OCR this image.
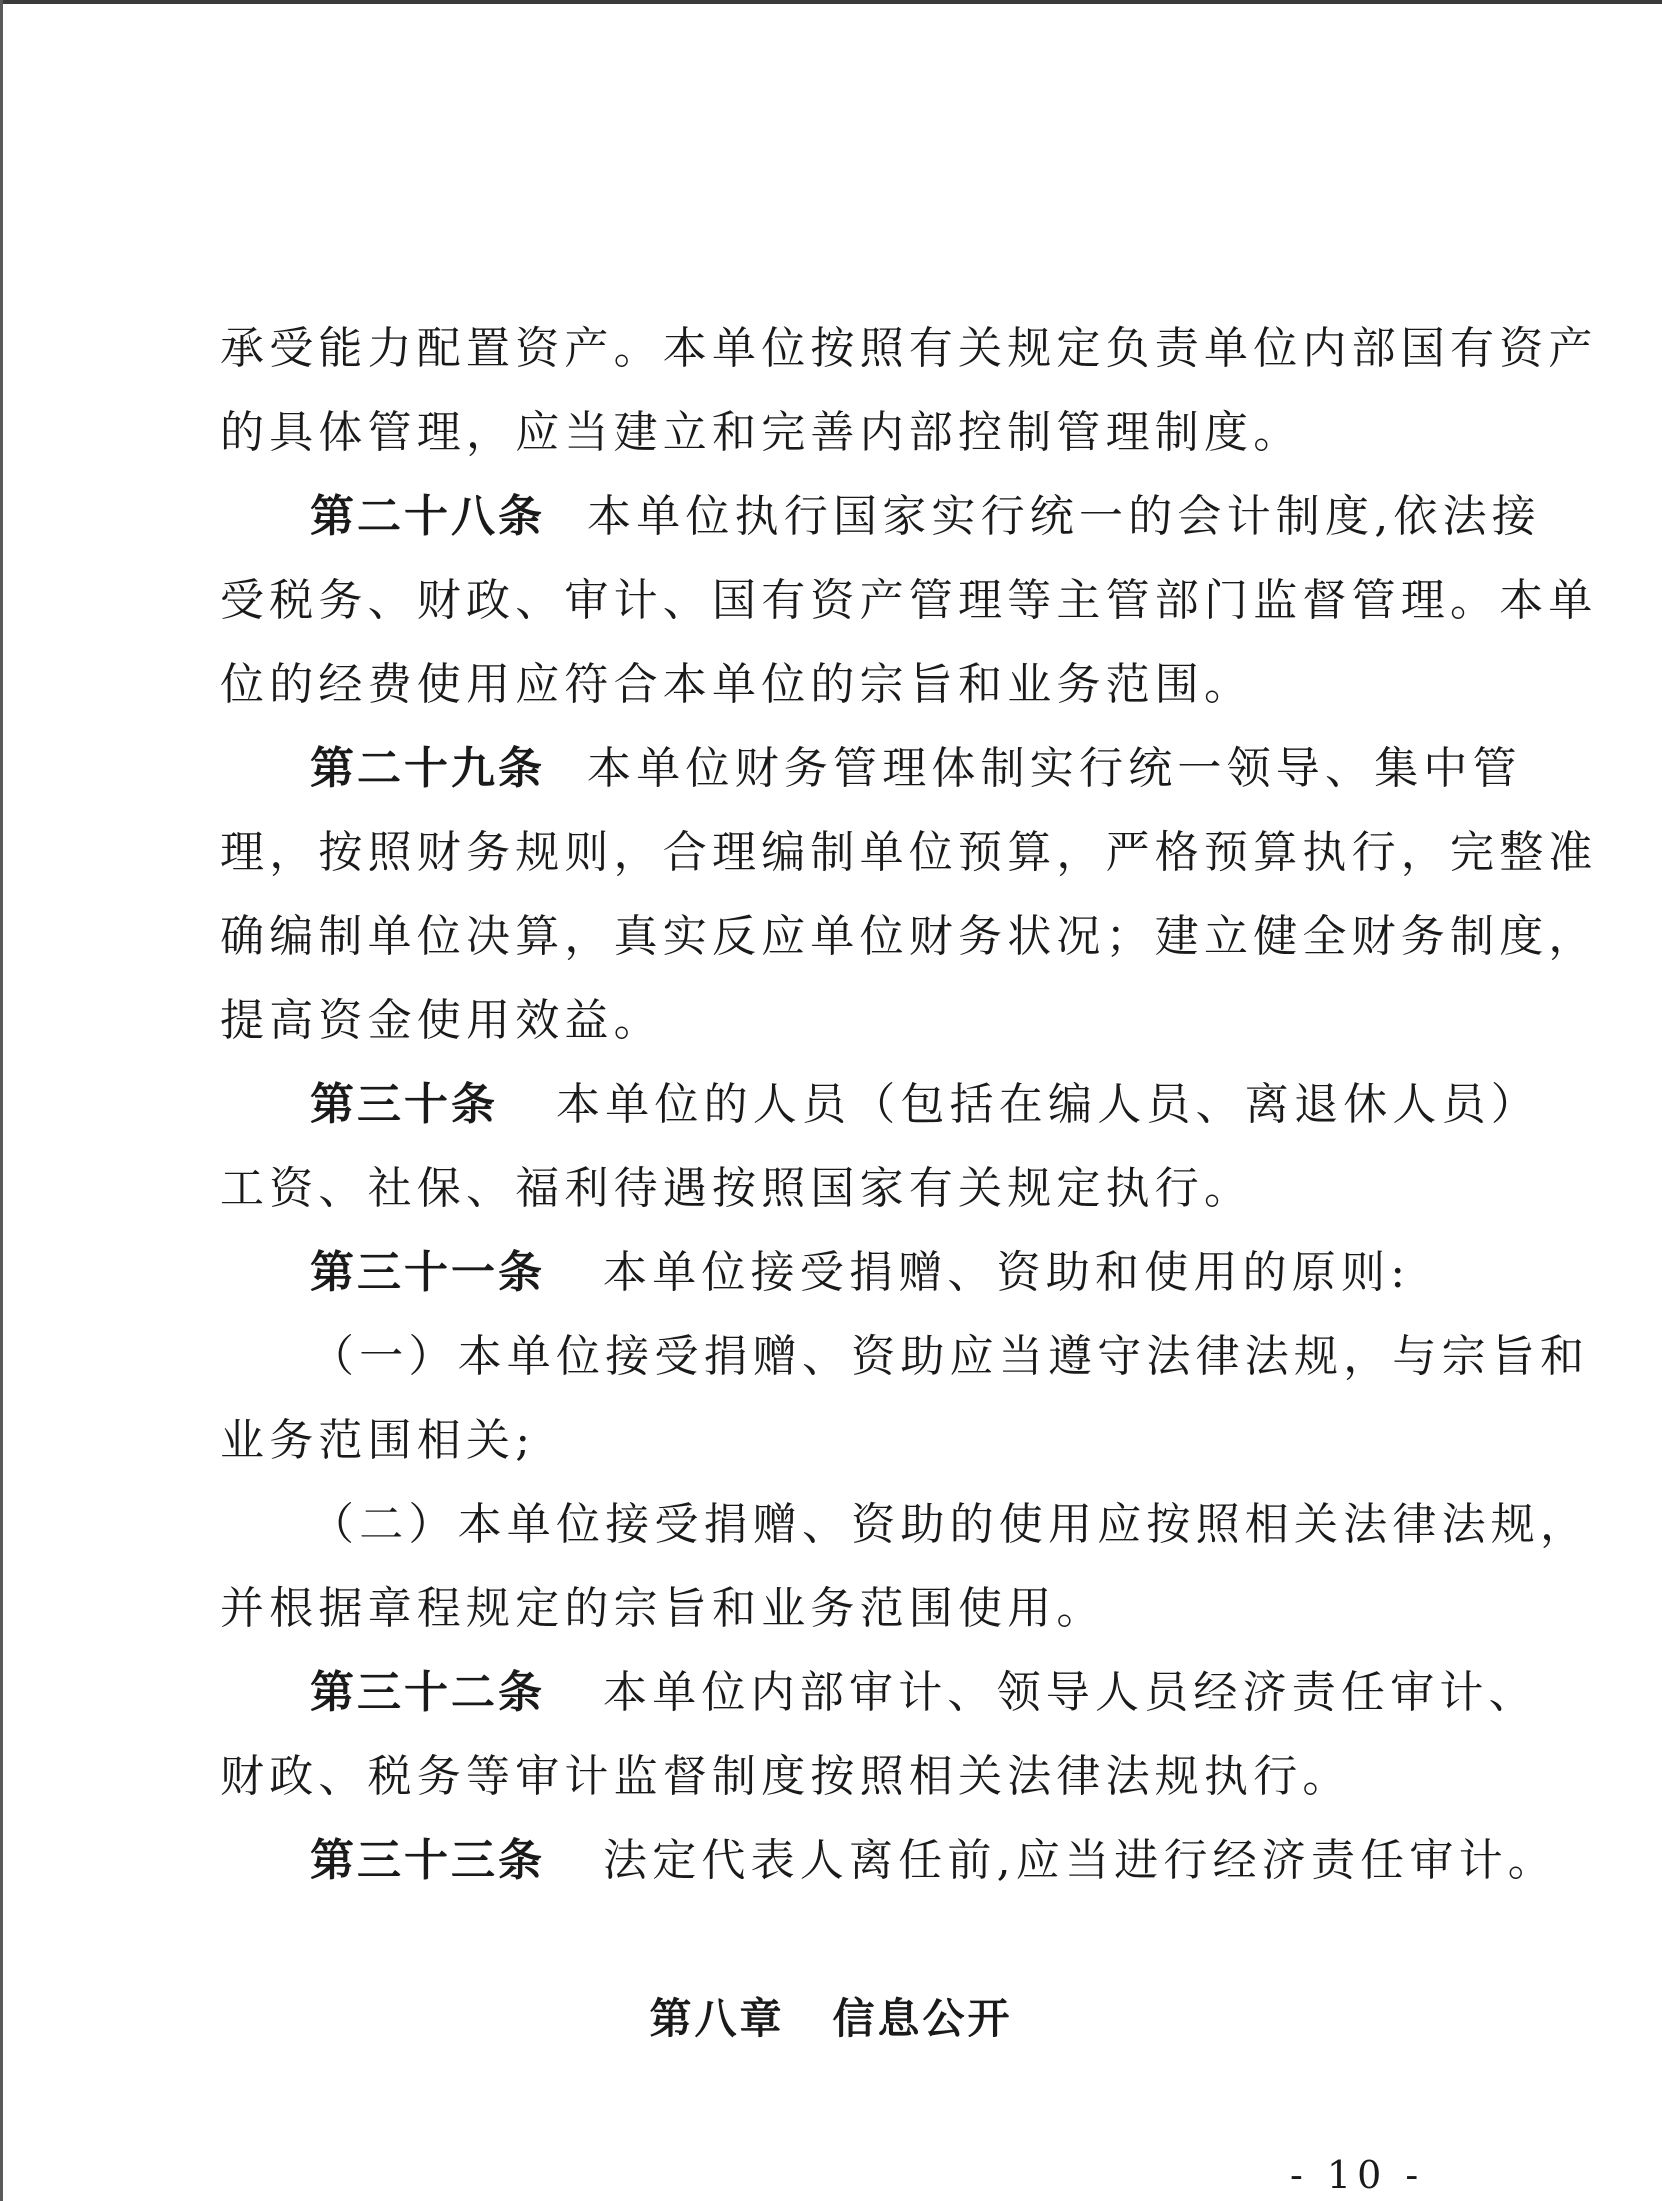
承受能力配置资产。本单位按照有关规定负责单位内部国有资产
的具体管理，应当建立和完善内部控制管理制度。
第二十八条 本单位执行国家实行统一的会计制度,依法接
受税务、财政、审计、国有资产管理等主管部门监督管理。本单
位的经费使用应符合本单位的宗旨和业务范围。
第二十九条 本单位财务管理体制实行统一领导、集中管
理，按照财务规则，合理编制单位预算，严格预算执行，完整准
确编制单位决算，真实反应单位财务状况；建立健全财务制度，
提高资金使用效益。
第三十条 本单位的人员（包括在编人员、离退休人员）
工资、社保、福利待遇按照国家有关规定执行。
第三十一条 本单位接受捐赠、资助和使用的原则:
（一）本单位接受捐赠、资助应当遵守法律法规，与宗旨和
业务范围相关;
（二）本单位接受捐赠、资助的使用应按照相关法律法规，
并根据章程规定的宗旨和业务范围使用。
第三十二条 本单位内部审计、领导人员经济责任审计、
财政、税务等审计监督制度按照相关法律法规执行。
第三十三条 法定代表人离任前,应当进行经济责任审计。
第八章 信息公开
- 10 -
